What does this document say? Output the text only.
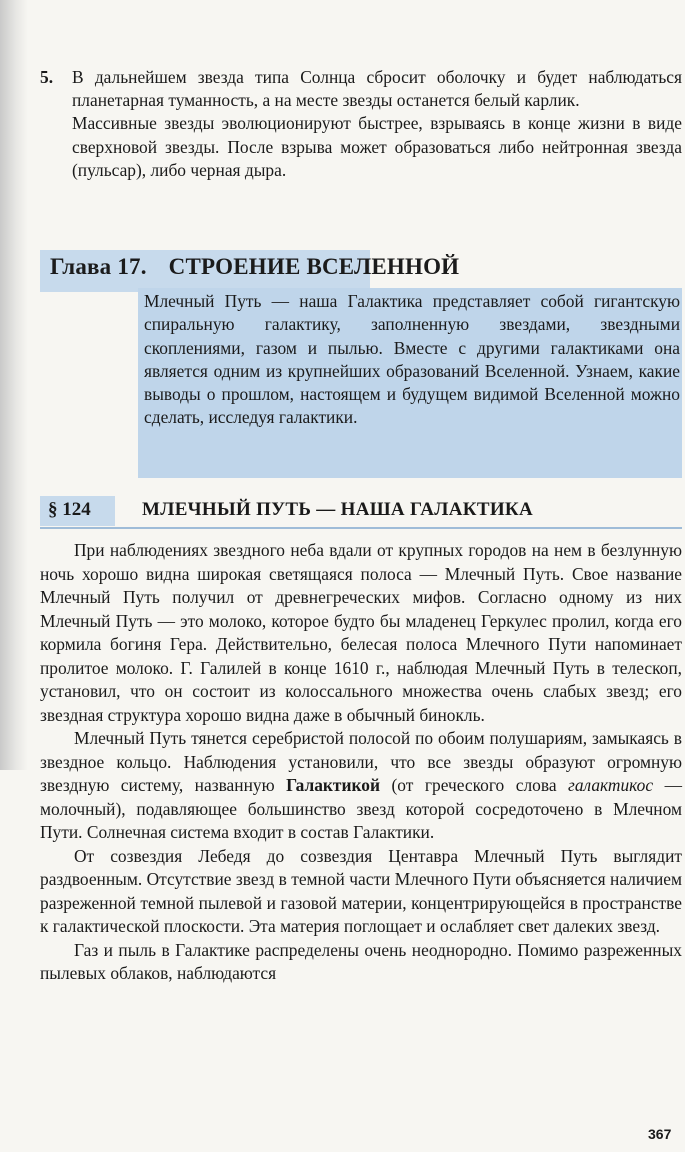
5. В дальнейшем звезда типа Солнца сбросит оболочку и будет наблюдаться планетарная туманность, а на месте звезды останется белый карлик.

Массивные звезды эволюционируют быстрее, взрываясь в конце жизни в виде сверхновой звезды. После взрыва может образоваться либо нейтронная звезда (пульсар), либо черная дыра.

Глава 17. СТРОЕНИЕ ВСЕЛЕННОЙ
Млечный Путь — наша Галактика представляет собой гигантскую спиральную галактику, заполненную звездами, звездными скоплениями, газом и пылью. Вместе с другими галактиками она является одним из крупнейших образований Вселенной. Узнаем, какие выводы о прошлом, настоящем и будущем видимой Вселенной можно сделать, исследуя галактики.
§ 124	МЛЕЧНЫЙ ПУТЬ — НАША ГАЛАКТИКА

При наблюдениях звездного неба вдали от крупных городов на нем в безлунную ночь хорошо видна широкая светящаяся полоса — Млечный Путь. Свое название Млечный Путь получил от древнегреческих мифов. Согласно одному из них Млечный Путь — это молоко, которое будто бы младенец Геркулес пролил, когда его кормила богиня Гера. Действительно, белесая полоса Млечного Пути напоминает пролитое молоко. Г. Галилей в конце 1610 г., наблюдая Млечный Путь в телескоп, установил, что он состоит из колоссального множества очень слабых звезд; его звездная структура хорошо видна даже в обычный бинокль.

Млечный Путь тянется серебристой полосой по обоим полушариям, замыкаясь в звездное кольцо. Наблюдения установили, что все звезды образуют огромную звездную систему, названную Галактикой (от греческого слова галактикос — молочный), подавляющее большинство звезд которой сосредоточено в Млечном Пути. Солнечная система входит в состав Галактики.

От созвездия Лебедя до созвездия Центавра Млечный Путь выглядит раздвоенным. Отсутствие звезд в темной части Млечного Пути объясняется наличием разреженной темной пылевой и газовой материи, концентрирующейся в пространстве к галактической плоскости. Эта материя поглощает и ослабляет свет далеких звезд.

Газ и пыль в Галактике распределены очень неоднородно. Помимо разреженных пылевых облаков, наблюдаются

367
